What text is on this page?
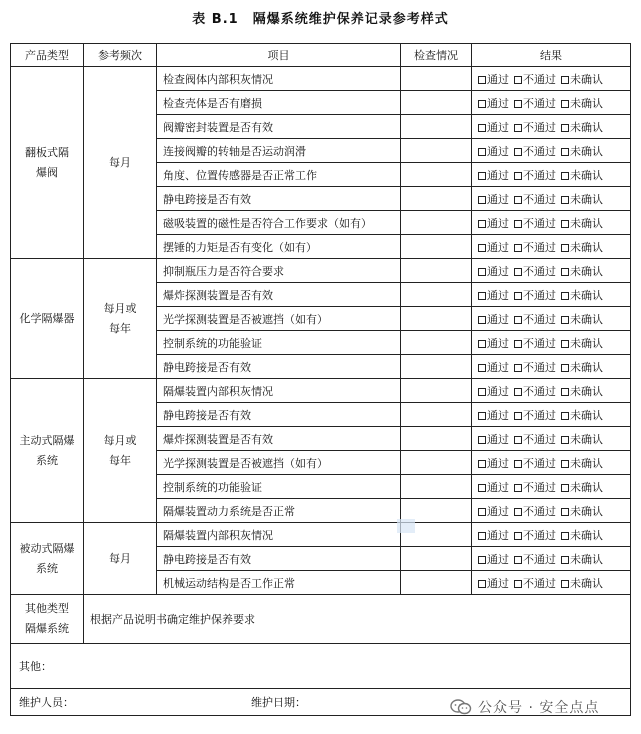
表 B.1　隔爆系统维护保养记录参考样式
产品类型	参考频次	项目	检查情况	结果

翻板式隔
爆阀	每月	检查阀体内部积灰情况		通过 不通过 未确认
		检查壳体是否有磨损		通过 不通过 未确认
		阀瓣密封装置是否有效		通过 不通过 未确认
		连接阀瓣的转轴是否运动润滑		通过 不通过 未确认
		角度、位置传感器是否正常工作		通过 不通过 未确认
		静电跨接是否有效		通过 不通过 未确认
		磁吸装置的磁性是否符合工作要求（如有）		通过 不通过 未确认
		摆锤的力矩是否有变化（如有）		通过 不通过 未确认

化学隔爆器	每月或
每年	抑制瓶压力是否符合要求		通过 不通过 未确认
		爆炸探测装置是否有效		通过 不通过 未确认
		光学探测装置是否被遮挡（如有）		通过 不通过 未确认
		控制系统的功能验证		通过 不通过 未确认
		静电跨接是否有效		通过 不通过 未确认

主动式隔爆
系统	每月或
每年	隔爆装置内部积灰情况		通过 不通过 未确认
		静电跨接是否有效		通过 不通过 未确认
		爆炸探测装置是否有效		通过 不通过 未确认
		光学探测装置是否被遮挡（如有）		通过 不通过 未确认
		控制系统的功能验证		通过 不通过 未确认
		隔爆装置动力系统是否正常		通过 不通过 未确认

被动式隔爆
系统	每月	隔爆装置内部积灰情况		通过 不通过 未确认
		静电跨接是否有效		通过 不通过 未确认
		机械运动结构是否工作正常		通过 不通过 未确认

其他类型
隔爆系统	根据产品说明书确定维护保养要求			
其他：				
维护人员： 维护日期：					公众号 · 安全点点
